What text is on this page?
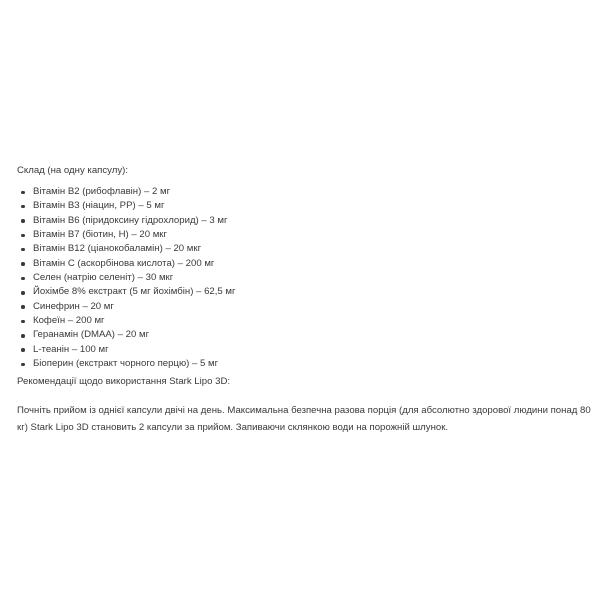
Склад (на одну капсулу):

Вітамін B2 (рибофлавін) – 2 мг
Вітамін B3 (ніацин, PP) – 5 мг
Вітамін B6 (піридоксину гідрохлорид) – 3 мг
Вітамін B7 (біотин, H) – 20 мкг
Вітамін B12 (ціанокобаламін) – 20 мкг
Вітамін C (аскорбінова кислота) – 200 мг
Селен (натрію селеніт) – 30 мкг
Йохімбе 8% екстракт (5 мг йохімбін) – 62,5 мг
Синефрин – 20 мг
Кофеїн – 200 мг
Геранамін (DMAA) – 20 мг
L-теанін – 100 мг
Біоперин (екстракт чорного перцю) – 5 мг

Рекомендації щодо використання Stark Lipo 3D:

Почніть прийом із однієї капсули двічі на день. Максимальна безпечна разова порція (для абсолютно здорової людини понад 80

кг) Stark Lipo 3D становить 2 капсули за прийом. Запиваючи склянкою води на порожній шлунок.
